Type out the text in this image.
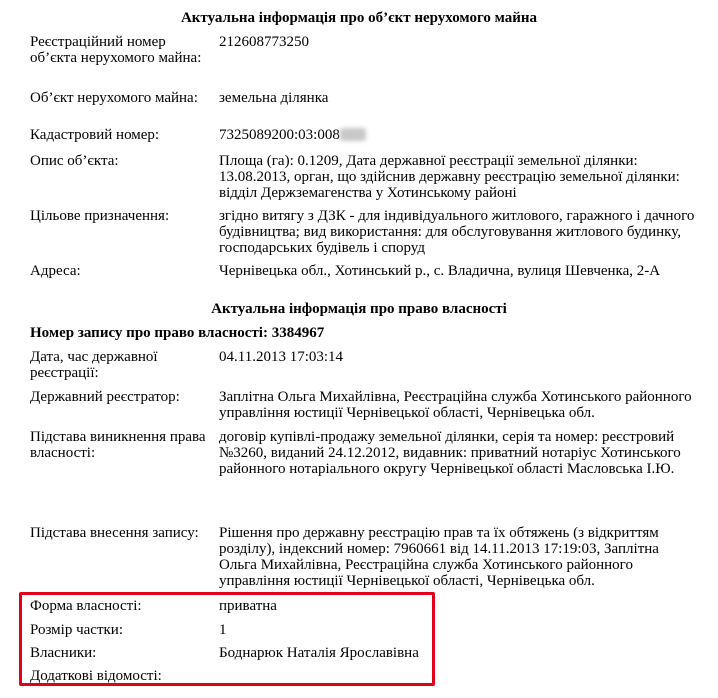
Актуальна інформація про об’єкт нерухомого майна
Реєстраційний номер об’єкта нерухомого майна:
212608773250
Об’єкт нерухомого майна:	земельна ділянка
Кадастровий номер:	7325089200:03:008
Опис об’єкта:	Площа (га): 0.1209, Дата державної реєстрації земельної ділянки: 13.08.2013, орган, що здійснив державну реєстрацію земельної ділянки: відділ Держземагенства у Хотинському районі
Цільове призначення:	згідно витягу з ДЗК - для індивідуального житлового, гаражного і дачного будівництва; вид використання: для обслуговування житлового будинку, господарських будівель і споруд
Адреса:	Чернівецька обл., Хотинський р., с. Владична, вулиця Шевченка, 2-А
Актуальна інформація про право власності
Номер запису про право власності: 3384967
Дата, час державної реєстрації:
04.11.2013 17:03:14
Державний реєстратор:	Заплітна Ольга Михайлівна, Реєстраційна служба Хотинського районного управління юстиції Чернівецької області, Чернівецька обл.
Підстава виникнення права власності:
договір купівлі-продажу земельної ділянки, серія та номер: реєстровий №3260, виданий 24.12.2012, видавник: приватний нотаріус Хотинського районного нотаріального округу Чернівецької області Масловська І.Ю.
Підстава внесення запису:	Рішення про державну реєстрацію прав та їх обтяжень (з відкриттям розділу), індексний номер: 7960661 від 14.11.2013 17:19:03, Заплітна Ольга Михайлівна, Реєстраційна служба Хотинського районного управління юстиції Чернівецької області, Чернівецька обл.
Форма власності:	приватна
Розмір частки:	1
Власники:	Боднарюк Наталія Ярославівна
Додаткові відомості:
